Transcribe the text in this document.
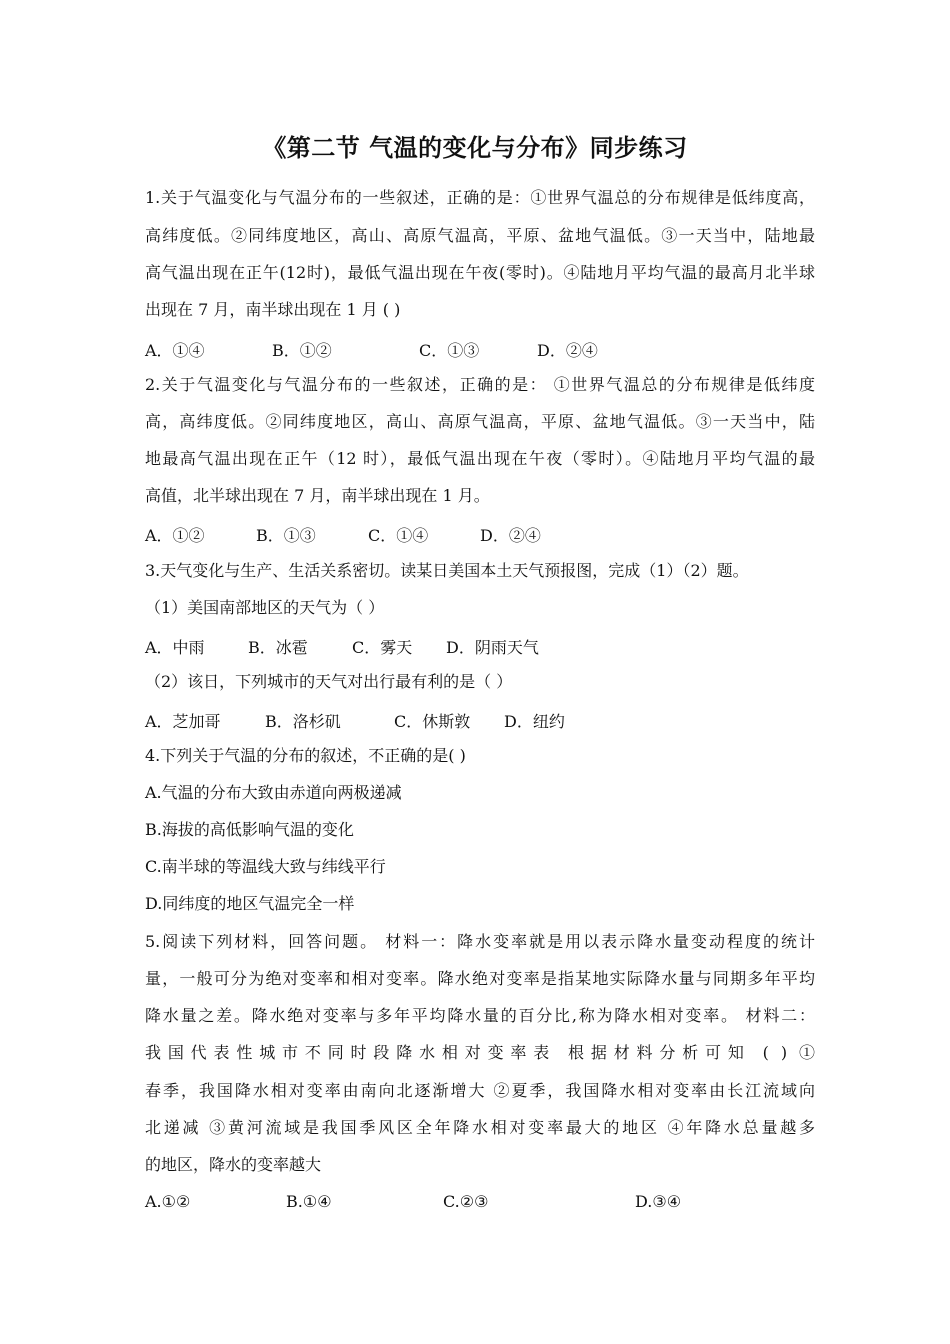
《第二节 气温的变化与分布》同步练习
1.关于气温变化与气温分布的一些叙述，正确的是：①世界气温总的分布规律是低纬度高，
高纬度低。②同纬度地区，高山、高原气温高，平原、盆地气温低。③一天当中，陆地最
高气温出现在正午(12时)，最低气温出现在午夜(零时)。④陆地月平均气温的最高月北半球
出现在 7 月，南半球出现在 1 月 ( )
A．①④	B．①②	C．①③	D．②④
2.关于气温变化与气温分布的一些叙述，正确的是： ①世界气温总的分布规律是低纬度
高，高纬度低。②同纬度地区，高山、高原气温高，平原、盆地气温低。③一天当中，陆
地最高气温出现在正午（12 时），最低气温出现在午夜（零时）。④陆地月平均气温的最
高值，北半球出现在 7 月，南半球出现在 1 月。
A．①②	B．①③	C．①④	D．②④
3.天气变化与生产、生活关系密切。读某日美国本土天气预报图，完成（1）（2）题。
（1）美国南部地区的天气为（ ）
A．中雨	B．冰雹	C．雾天 D．阴雨天气
（2）该日，下列城市的天气对出行最有利的是（ ）
A．芝加哥	B．洛杉矶	C．休斯敦 D．纽约
4.下列关于气温的分布的叙述，不正确的是( )
A.气温的分布大致由赤道向两极递减
B.海拔的高低影响气温的变化
C.南半球的等温线大致与纬线平行
D.同纬度的地区气温完全一样
5.阅读下列材料，回答问题。 材料一：降水变率就是用以表示降水量变动程度的统计
量，一般可分为绝对变率和相对变率。降水绝对变率是指某地实际降水量与同期多年平均
降水量之差。降水绝对变率与多年平均降水量的百分比,称为降水相对变率。 材料二：
我国代表性城市不同时段降水相对变率表 根据材料分析可知 ( ) ①
春季，我国降水相对变率由南向北逐渐增大 ②夏季，我国降水相对变率由长江流域向
北递减 ③黄河流域是我国季风区全年降水相对变率最大的地区 ④年降水总量越多
的地区，降水的变率越大
A.①②	B.①④	C.②③	D.③④
